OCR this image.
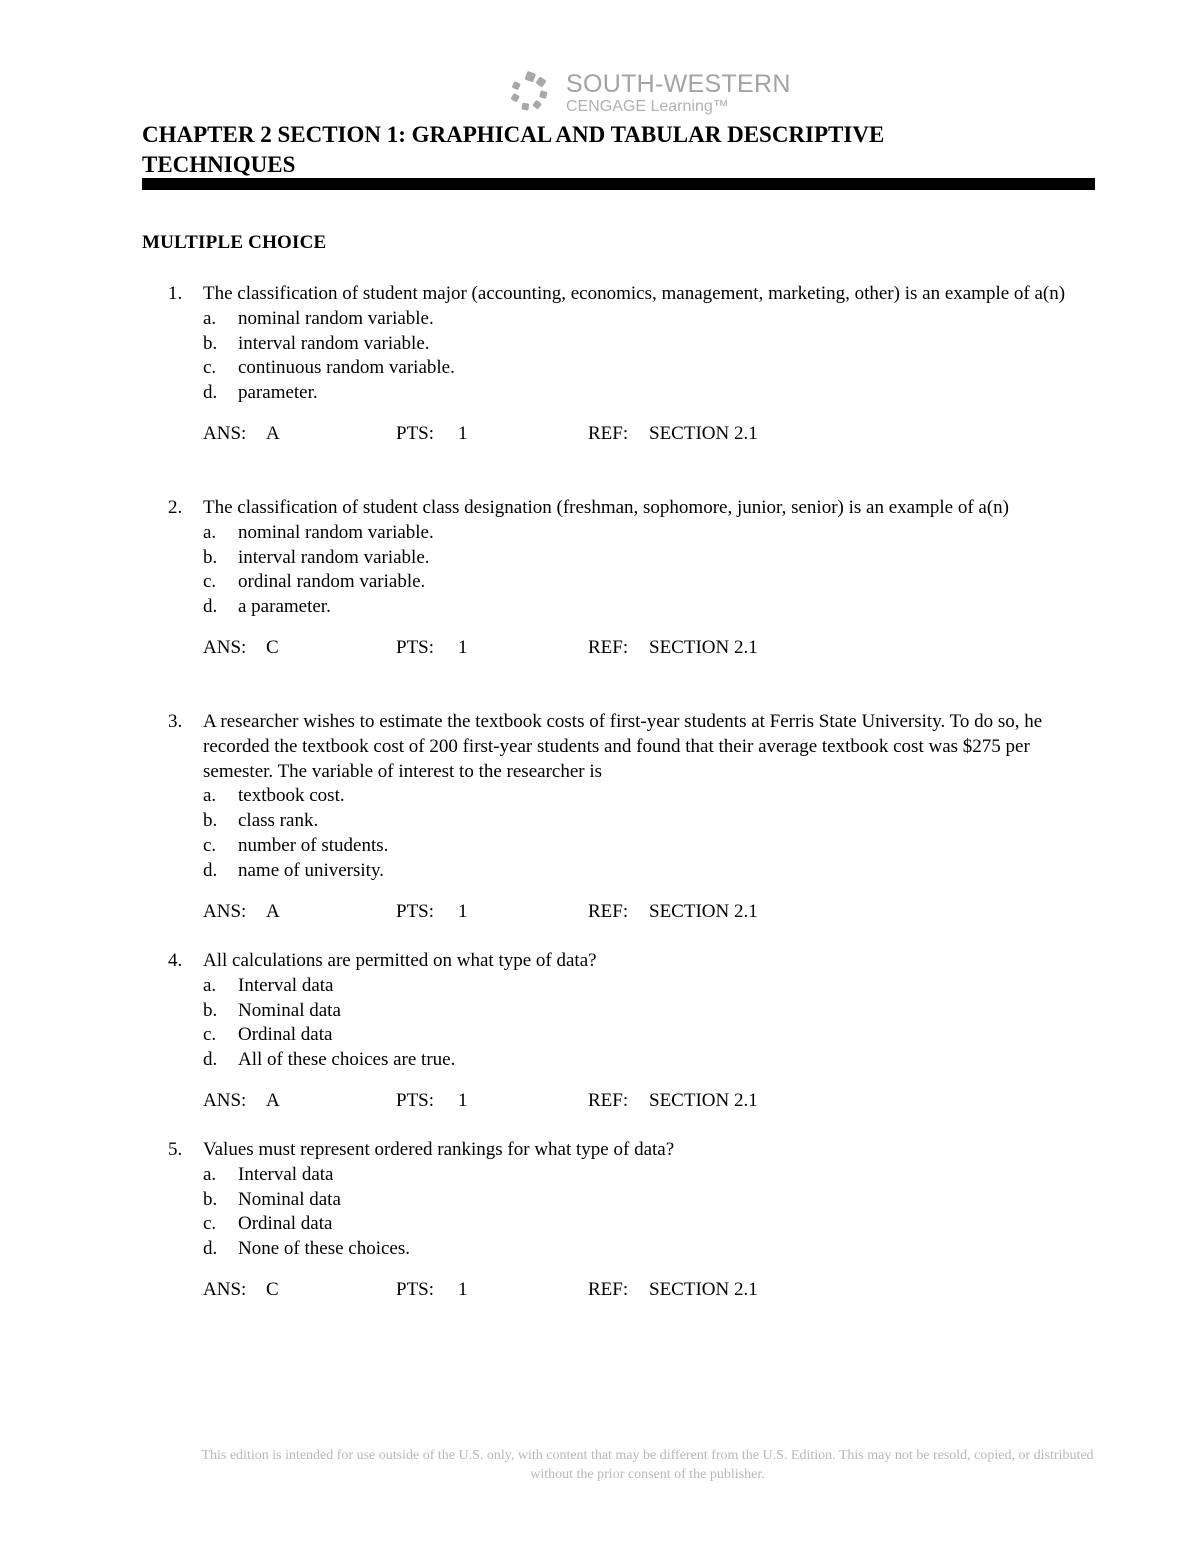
SOUTH-WESTERN
CENGAGE Learning™
CHAPTER 2 SECTION 1: GRAPHICAL AND TABULAR DESCRIPTIVE TECHNIQUES
MULTIPLE CHOICE
1. The classification of student major (accounting, economics, management, marketing, other) is an example of a(n)
a. nominal random variable.
b. interval random variable.
c. continuous random variable.
d. parameter.
ANS: A	PTS: 1	REF: SECTION 2.1
2. The classification of student class designation (freshman, sophomore, junior, senior) is an example of a(n)
a. nominal random variable.
b. interval random variable.
c. ordinal random variable.
d. a parameter.
ANS: C	PTS: 1	REF: SECTION 2.1
3. A researcher wishes to estimate the textbook costs of first-year students at Ferris State University. To do so, he recorded the textbook cost of 200 first-year students and found that their average textbook cost was $275 per semester. The variable of interest to the researcher is
a. textbook cost.
b. class rank.
c. number of students.
d. name of university.
ANS: A	PTS: 1	REF: SECTION 2.1
4. All calculations are permitted on what type of data?
a. Interval data
b. Nominal data
c. Ordinal data
d. All of these choices are true.
ANS: A	PTS: 1	REF: SECTION 2.1
5. Values must represent ordered rankings for what type of data?
a. Interval data
b. Nominal data
c. Ordinal data
d. None of these choices.
ANS: C	PTS: 1	REF: SECTION 2.1
This edition is intended for use outside of the U.S. only, with content that may be different from the U.S. Edition. This may not be resold, copied, or distributed without the prior consent of the publisher.
